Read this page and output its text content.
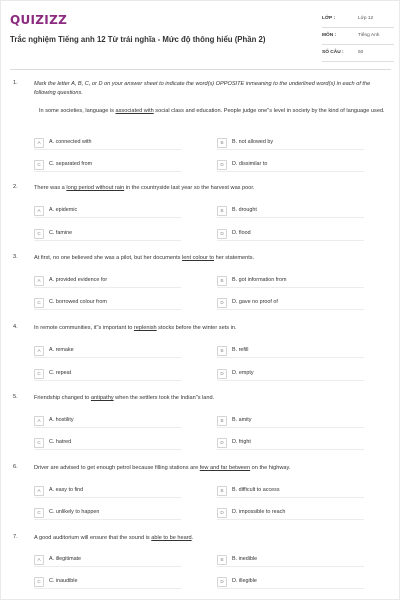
QUIZIZZ
Trắc nghiệm Tiếng anh 12 Từ trái nghĩa - Mức độ thông hiểu (Phần 2)
LỚP :	Lớp 12
MÔN :	Tiếng Anh
SỐ CÂU :	50
1.	Mark the letter A, B, C, or D on your answer sheet to indicate the word(s) OPPOSITE inmeaning to the underlined word(s) in each of the following questions.
In some societies, language is associated with social class and education. People judge one"s level in society by the kind of language used.
A	A. connected with	B	B. not allowed by
C	C. separated from	D	D. dissimilar to
2.	There was a long period without rain in the countryside last year so the harvest was poor.
A	A. epidemic	B	B. drought
C	C. famine	D	D. flood
3.	At first, no one believed she was a pilot, but her documents lent colour to her statements.
A	A. provided evidence for	B	B. got information from
C	C. borrowed colour from	D	D. gave no proof of
4.	In remote communities, it"s important to replenish stocks before the winter sets in.
A	A. remake	B	B. refill
C	C. repeat	D	D. empty
5.	Friendship changed to antipathy when the settlers took the Indian"s land.
A	A. hostility	B	B. amity
C	C. hatred	D	D. fright
6.	Driver are advised to get enough petrol because filling stations are few and far between on the highway.
A	A. easy to find	B	B. difficult to access
C	C. unlikely to happen	D	D. impossible to reach
7.	A good auditorium will ensure that the sound is able to be heard.
A	A. illegitimate	B	B. inedible
C	C. inaudible	D	D. illegible
